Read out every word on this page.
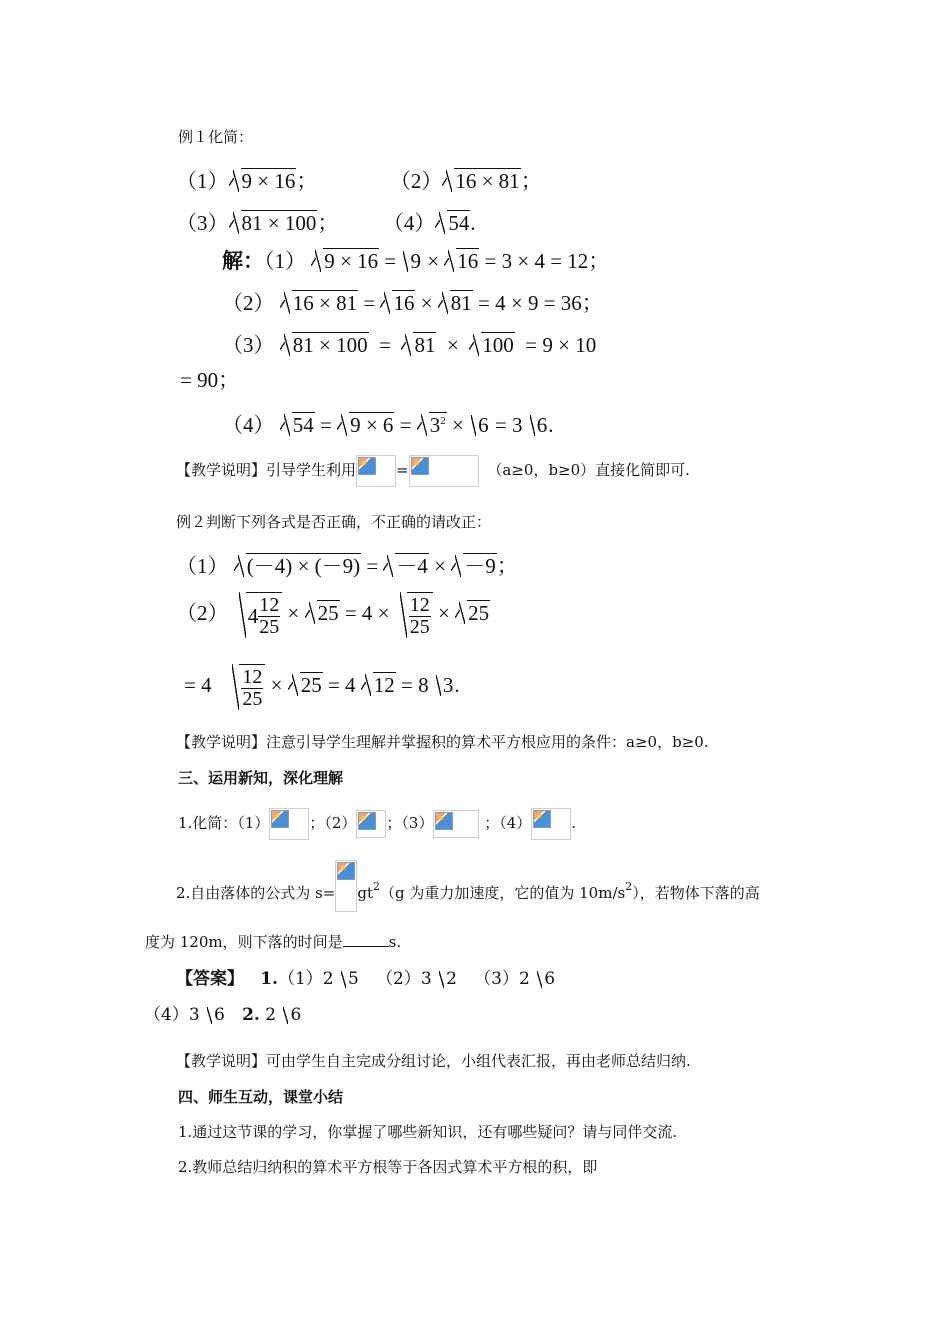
例１化简：
（1） 9 × 16；	（2） 16 × 81；
（3） 81 × 100； （4） 54.
解：（1） 9 × 16 = 9 × 16 = 3 × 4 = 12；
（2） 16 × 81 = 16 × 81 = 4 × 9 = 36；
（3） 81 × 100  =  81  ×  100 = 9 × 10
= 90；
（4） $54 = 9 \times 6 = 3^2 \times 6 = 3$ 6.
【教学说明】引导学生利用	=	（a≥0，b≥0）直接化简即可.
例２判断下列各式是否正确，不正确的请改正：
（1） (－4) × (－9) = －4 × －9；
（2） 4 12
25
× 25 = 4 × 12
25
× 25
= 4 12
25
× 25 = 4 12 = 8 3.
【教学说明】注意引导学生理解并掌握积的算术平方根应用的条件：a≥0，b≥0.
三、运用新知，深化理解
1.化简：（1）	；（2） ；（3）	；（4）	.
2.自由落体的公式为 $s= gt^2(g$ 为重力加速度，它的值为 $10m/s^2$），若物体下落的高
度为 120m，则下落的时间是	s.
【答案】 1.（1）2 5 （2）3 2 （3）2 6
（4）3 6 2. 2 6
【教学说明】可由学生自主完成分组讨论，小组代表汇报，再由老师总结归纳.
四、师生互动，课堂小结
1.通过这节课的学习，你掌握了哪些新知识，还有哪些疑问？请与同伴交流.
2.教师总结归纳积的算术平方根等于各因式算术平方根的积，即
